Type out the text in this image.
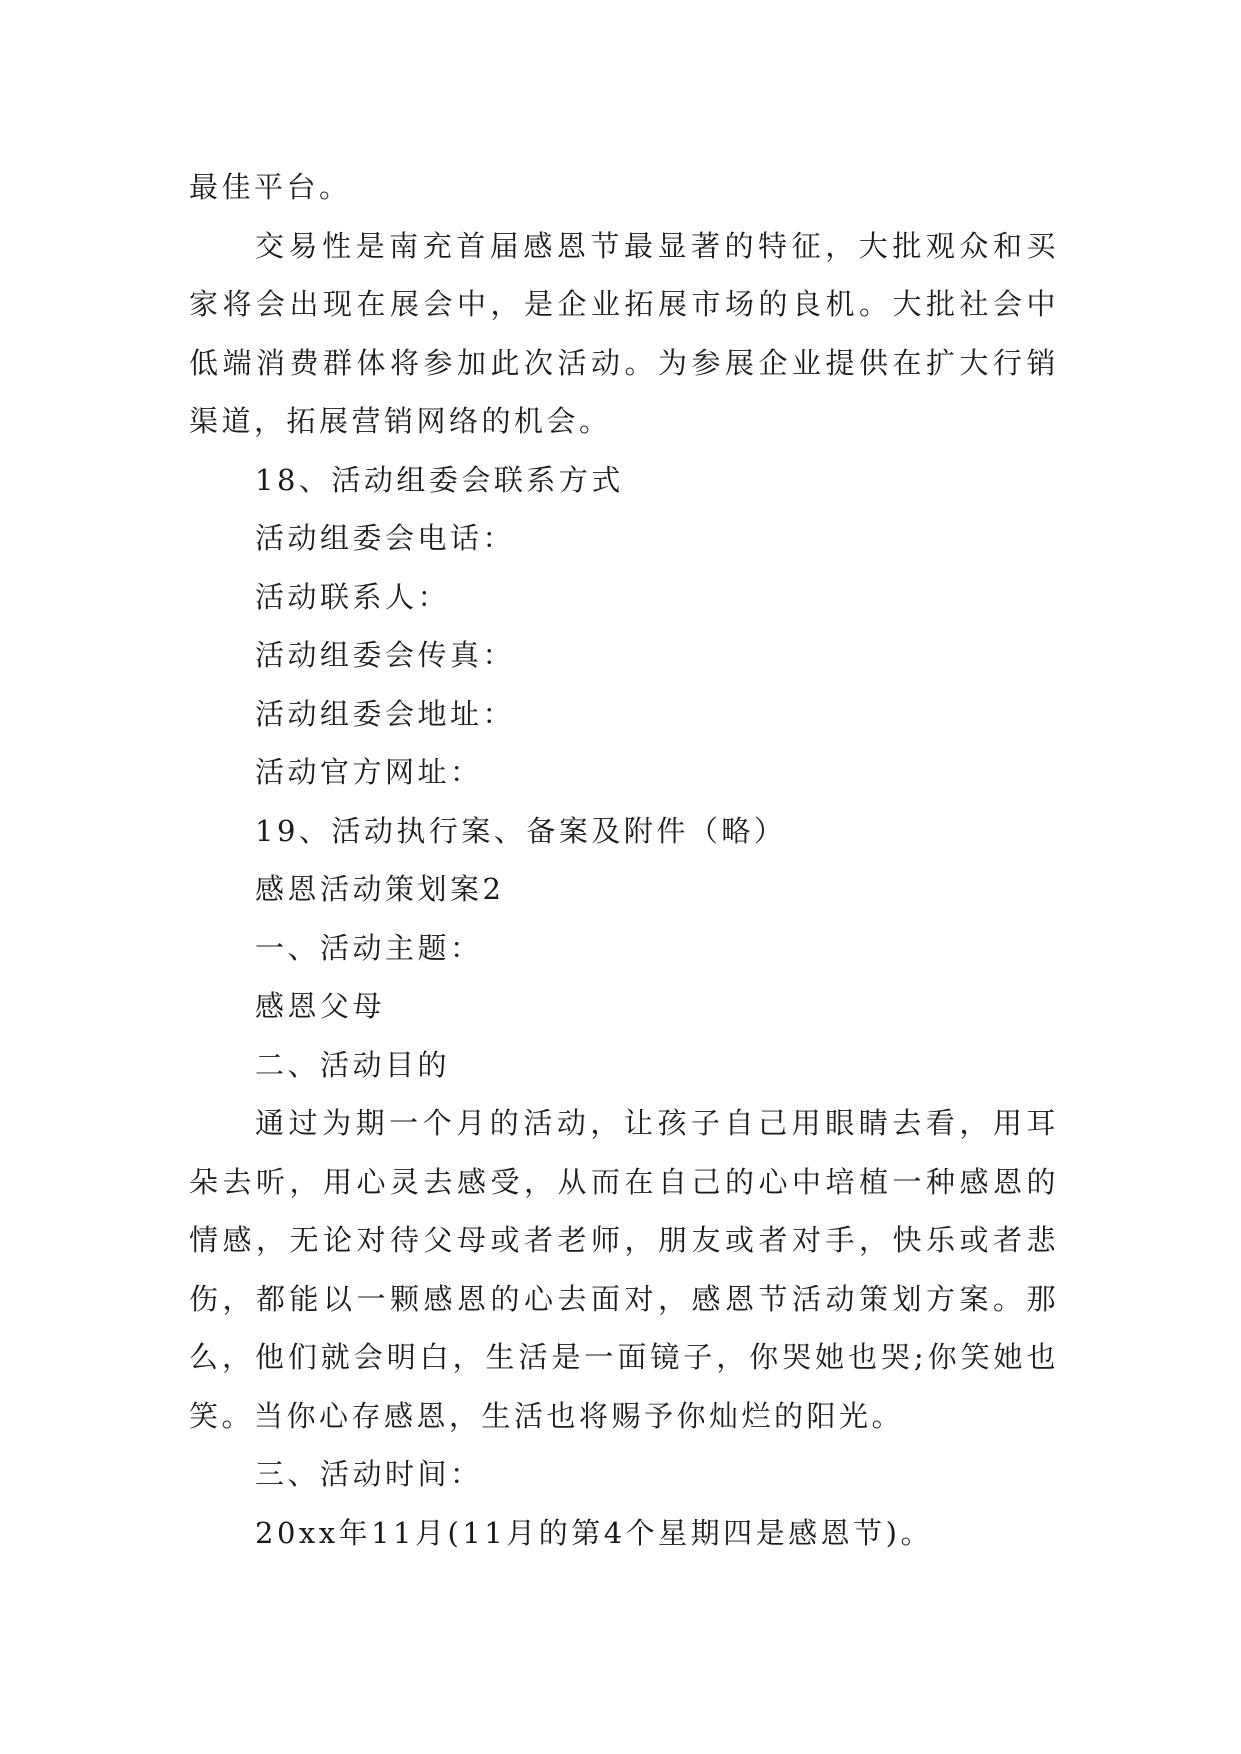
最佳平台。

交易性是南充首届感恩节最显著的特征，大批观众和买家将会出现在展会中，是企业拓展市场的良机。大批社会中低端消费群体将参加此次活动。为参展企业提供在扩大行销渠道，拓展营销网络的机会。

18、活动组委会联系方式

活动组委会电话：

活动联系人：

活动组委会传真：

活动组委会地址：

活动官方网址：

19、活动执行案、备案及附件（略）

感恩活动策划案2

一、活动主题：

感恩父母

二、活动目的

通过为期一个月的活动，让孩子自己用眼睛去看，用耳朵去听，用心灵去感受，从而在自己的心中培植一种感恩的情感，无论对待父母或者老师，朋友或者对手，快乐或者悲伤，都能以一颗感恩的心去面对，感恩节活动策划方案。那么，他们就会明白，生活是一面镜子，你哭她也哭;你笑她也笑。当你心存感恩，生活也将赐予你灿烂的阳光。

三、活动时间：

20xx年11月(11月的第4个星期四是感恩节)。
